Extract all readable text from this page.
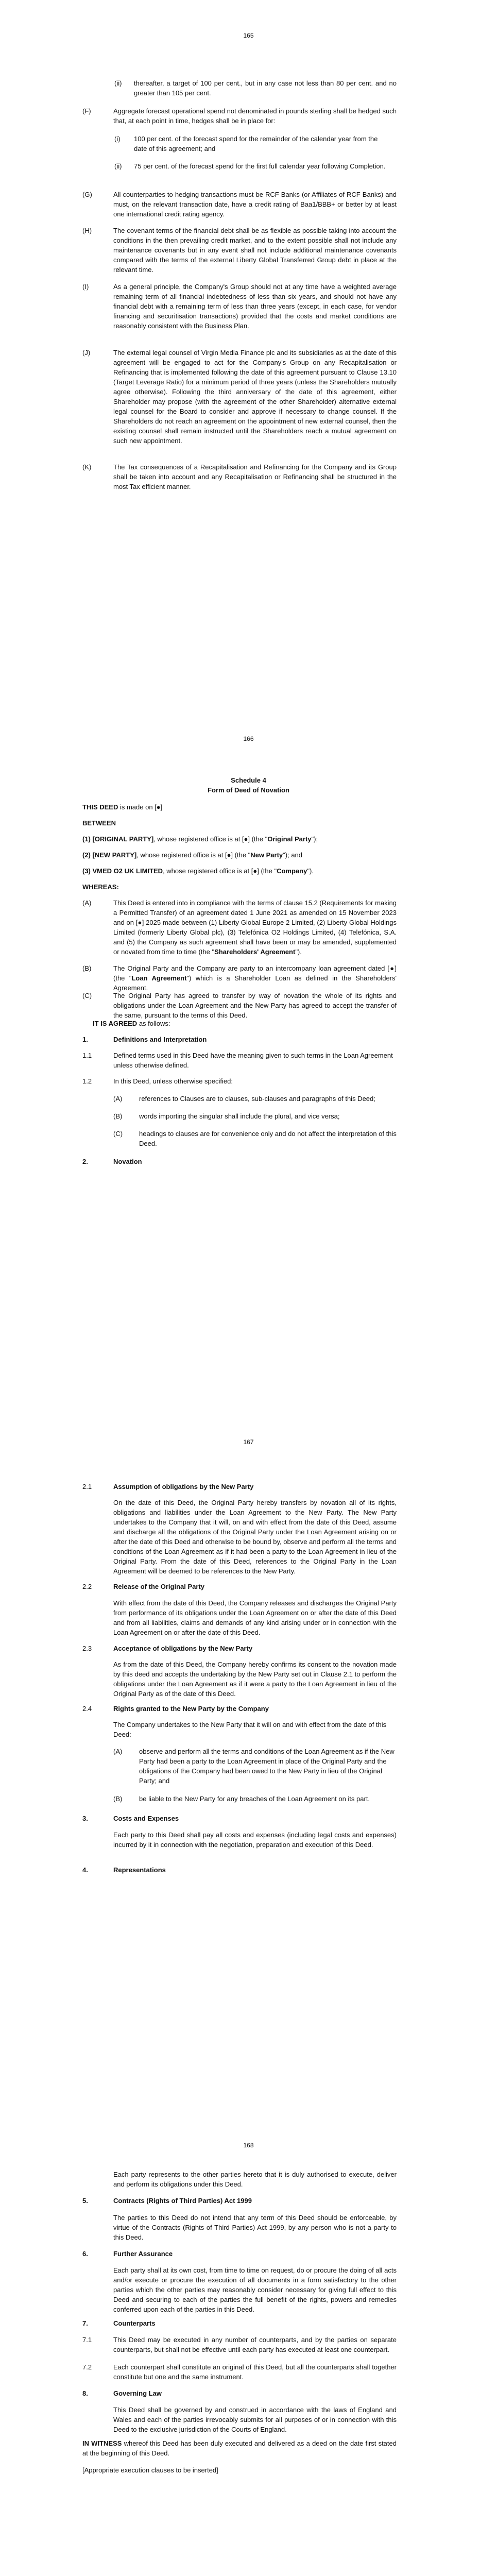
165
(ii) thereafter, a target of 100 per cent., but in any case not less than 80 per cent. and no greater than 105 per cent.
(F)	Aggregate forecast operational spend not denominated in pounds sterling shall be hedged such that, at each point in time, hedges shall be in place for:
(i) 100 per cent. of the forecast spend for the remainder of the calendar year from the date of this agreement; and
(ii) 75 per cent. of the forecast spend for the first full calendar year following Completion.
(G)	All counterparties to hedging transactions must be RCF Banks (or Affiliates of RCF Banks) and must, on the relevant transaction date, have a credit rating of Baa1/BBB+ or better by at least one international credit rating agency.
(H)	The covenant terms of the financial debt shall be as flexible as possible taking into account the conditions in the then prevailing credit market, and to the extent possible shall not include any maintenance covenants but in any event shall not include additional maintenance covenants compared with the terms of the external Liberty Global Transferred Group debt in place at the relevant time.
(I)	As a general principle, the Company's Group should not at any time have a weighted average remaining term of all financial indebtedness of less than six years, and should not have any financial debt with a remaining term of less than three years (except, in each case, for vendor financing and securitisation transactions) provided that the costs and market conditions are reasonably consistent with the Business Plan.
(J)	The external legal counsel of Virgin Media Finance plc and its subsidiaries as at the date of this agreement will be engaged to act for the Company's Group on any Recapitalisation or Refinancing that is implemented following the date of this agreement pursuant to Clause 13.10 (Target Leverage Ratio) for a minimum period of three years (unless the Shareholders mutually agree otherwise). Following the third anniversary of the date of this agreement, either Shareholder may propose (with the agreement of the other Shareholder) alternative external legal counsel for the Board to consider and approve if necessary to change counsel. If the Shareholders do not reach an agreement on the appointment of new external counsel, then the existing counsel shall remain instructed until the Shareholders reach a mutual agreement on such new appointment.
(K)	The Tax consequences of a Recapitalisation and Refinancing for the Company and its Group shall be taken into account and any Recapitalisation or Refinancing shall be structured in the most Tax efficient manner.
166
Schedule 4
Form of Deed of Novation
THIS DEED is made on [●]
BETWEEN
(1) [ORIGINAL PARTY], whose registered office is at [●] (the "Original Party");
(2) [NEW PARTY], whose registered office is at [●] (the "New Party"); and
(3) VMED O2 UK LIMITED, whose registered office is at [●] (the "Company").
WHEREAS:
(A)	This Deed is entered into in compliance with the terms of clause 15.2 (Requirements for making a Permitted Transfer) of an agreement dated 1 June 2021 as amended on 15 November 2023 and on [●] 2025 made between (1) Liberty Global Europe 2 Limited, (2) Liberty Global Holdings Limited (formerly Liberty Global plc), (3) Telefónica O2 Holdings Limited, (4) Telefónica, S.A. and (5) the Company as such agreement shall have been or may be amended, supplemented or novated from time to time (the "Shareholders' Agreement").
(B)	The Original Party and the Company are party to an intercompany loan agreement dated [●] (the "Loan Agreement") which is a Shareholder Loan as defined in the Shareholders' Agreement.
(C)	The Original Party has agreed to transfer by way of novation the whole of its rights and obligations under the Loan Agreement and the New Party has agreed to accept the transfer of the same, pursuant to the terms of this Deed.
IT IS AGREED as follows:
1.	Definitions and Interpretation
1.1	Defined terms used in this Deed have the meaning given to such terms in the Loan Agreement unless otherwise defined.
1.2	In this Deed, unless otherwise specified:
(A)	references to Clauses are to clauses, sub-clauses and paragraphs of this Deed;
(B)	words importing the singular shall include the plural, and vice versa;
(C) headings to clauses are for convenience only and do not affect the interpretation of this Deed.
2.	Novation
167
2.1	Assumption of obligations by the New Party
On the date of this Deed, the Original Party hereby transfers by novation all of its rights, obligations and liabilities under the Loan Agreement to the New Party. The New Party undertakes to the Company that it will, on and with effect from the date of this Deed, assume and discharge all the obligations of the Original Party under the Loan Agreement arising on or after the date of this Deed and otherwise to be bound by, observe and perform all the terms and conditions of the Loan Agreement as if it had been a party to the Loan Agreement in lieu of the Original Party. From the date of this Deed, references to the Original Party in the Loan Agreement will be deemed to be references to the New Party.
2.2	Release of the Original Party
With effect from the date of this Deed, the Company releases and discharges the Original Party from performance of its obligations under the Loan Agreement on or after the date of this Deed and from all liabilities, claims and demands of any kind arising under or in connection with the Loan Agreement on or after the date of this Deed.
2.3	Acceptance of obligations by the New Party
As from the date of this Deed, the Company hereby confirms its consent to the novation made by this deed and accepts the undertaking by the New Party set out in Clause 2.1 to perform the obligations under the Loan Agreement as if it were a party to the Loan Agreement in lieu of the Original Party as of the date of this Deed.
2.4	Rights granted to the New Party by the Company
The Company undertakes to the New Party that it will on and with effect from the date of this Deed:
(A)	observe and perform all the terms and conditions of the Loan Agreement as if the New Party had been a party to the Loan Agreement in place of the Original Party and the obligations of the Company had been owed to the New Party in lieu of the Original Party; and
(B)	be liable to the New Party for any breaches of the Loan Agreement on its part.
3.	Costs and Expenses
Each party to this Deed shall pay all costs and expenses (including legal costs and expenses) incurred by it in connection with the negotiation, preparation and execution of this Deed.
4.	Representations
168
Each party represents to the other parties hereto that it is duly authorised to execute, deliver and perform its obligations under this Deed.
5.	Contracts (Rights of Third Parties) Act 1999
The parties to this Deed do not intend that any term of this Deed should be enforceable, by virtue of the Contracts (Rights of Third Parties) Act 1999, by any person who is not a party to this Deed.
6.	Further Assurance
Each party shall at its own cost, from time to time on request, do or procure the doing of all acts and/or execute or procure the execution of all documents in a form satisfactory to the other parties which the other parties may reasonably consider necessary for giving full effect to this Deed and securing to each of the parties the full benefit of the rights, powers and remedies conferred upon each of the parties in this Deed.
7.	Counterparts
7.1	This Deed may be executed in any number of counterparts, and by the parties on separate counterparts, but shall not be effective until each party has executed at least one counterpart.
7.2	Each counterpart shall constitute an original of this Deed, but all the counterparts shall together constitute but one and the same instrument.
8.	Governing Law
This Deed shall be governed by and construed in accordance with the laws of England and Wales and each of the parties irrevocably submits for all purposes of or in connection with this Deed to the exclusive jurisdiction of the Courts of England.
IN WITNESS whereof this Deed has been duly executed and delivered as a deed on the date first stated at the beginning of this Deed.
[Appropriate execution clauses to be inserted]
